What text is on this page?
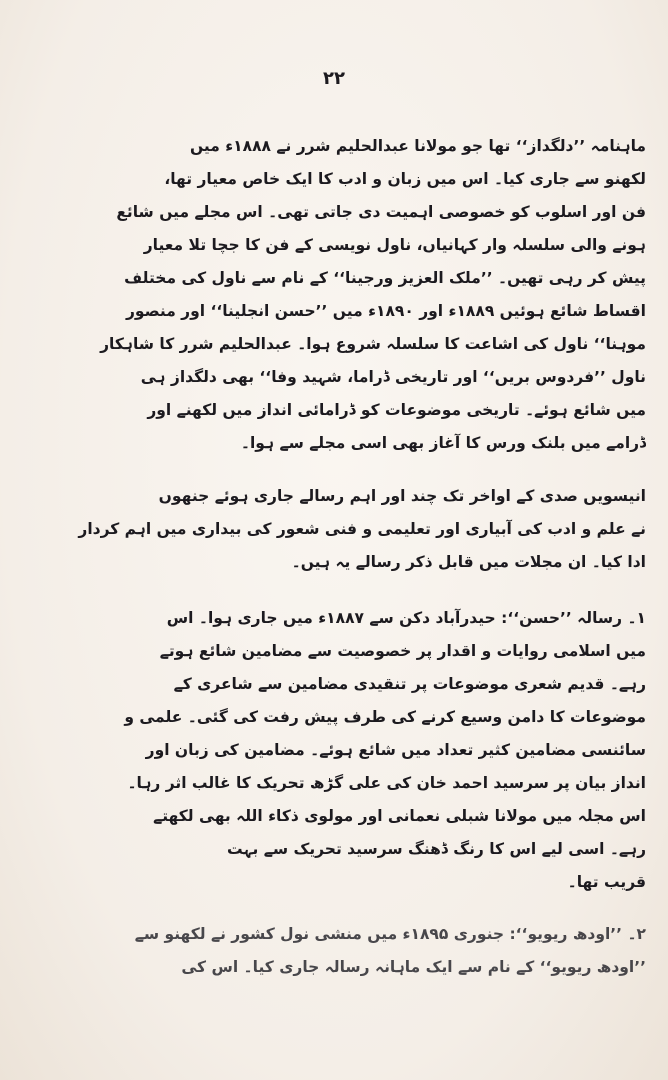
۲۲
ماہنامہ ’’دلگداز‘‘ تھا جو مولانا عبدالحلیم شرر نے ۱۸۸۸ء میں
لکھنو سے جاری کیا۔ اس میں زبان و ادب کا ایک خاص معیار تھا،
فن اور اسلوب کو خصوصی اہمیت دی جاتی تھی۔ اس مجلے میں شائع
ہونے والی سلسلہ وار کہانیاں، ناول نویسی کے فن کا جچا تلا معیار
پیش کر رہی تھیں۔ ’’ملک العزیز ورجینا‘‘ کے نام سے ناول کی مختلف
اقساط شائع ہوئیں ۱۸۸۹ء اور ۱۸۹۰ء میں ’’حسن انجلینا‘‘ اور منصور
موہنا‘‘ ناول کی اشاعت کا سلسلہ شروع ہوا۔ عبدالحلیم شرر کا شاہکار
ناول ’’فردوس بریں‘‘ اور تاریخی ڈراما، شہید وفا‘‘ بھی دلگداز ہی
میں شائع ہوئے۔ تاریخی موضوعات کو ڈرامائی انداز میں لکھنے اور
ڈرامے میں بلنک ورس کا آغاز بھی اسی مجلے سے ہوا۔
انیسویں صدی کے اواخر تک چند اور اہم رسالے جاری ہوئے جنھوں
نے علم و ادب کی آبیاری اور تعلیمی و فنی شعور کی بیداری میں اہم کردار
ادا کیا۔ ان مجلات میں قابل ذکر رسالے یہ ہیں۔
۱۔ رسالہ ’’حسن‘‘: حیدرآباد دکن سے ۱۸۸۷ء میں جاری ہوا۔ اس
میں اسلامی روایات و اقدار پر خصوصیت سے مضامین شائع ہوتے
رہے۔ قدیم شعری موضوعات پر تنقیدی مضامین سے شاعری کے
موضوعات کا دامن وسیع کرنے کی طرف پیش رفت کی گئی۔ علمی و
سائنسی مضامین کثیر تعداد میں شائع ہوئے۔ مضامین کی زبان اور
انداز بیان پر سرسید احمد خان کی علی گڑھ تحریک کا غالب اثر رہا۔
اس مجلہ میں مولانا شبلی نعمانی اور مولوی ذکاء اللہ بھی لکھتے
رہے۔ اسی لیے اس کا رنگ ڈھنگ سرسید تحریک سے بہت
قریب تھا۔
۲۔ ’’اودھ ریویو‘‘: جنوری ۱۸۹۵ء میں منشی نول کشور نے لکھنو سے
’’اودھ ریویو‘‘ کے نام سے ایک ماہانہ رسالہ جاری کیا۔ اس کی
